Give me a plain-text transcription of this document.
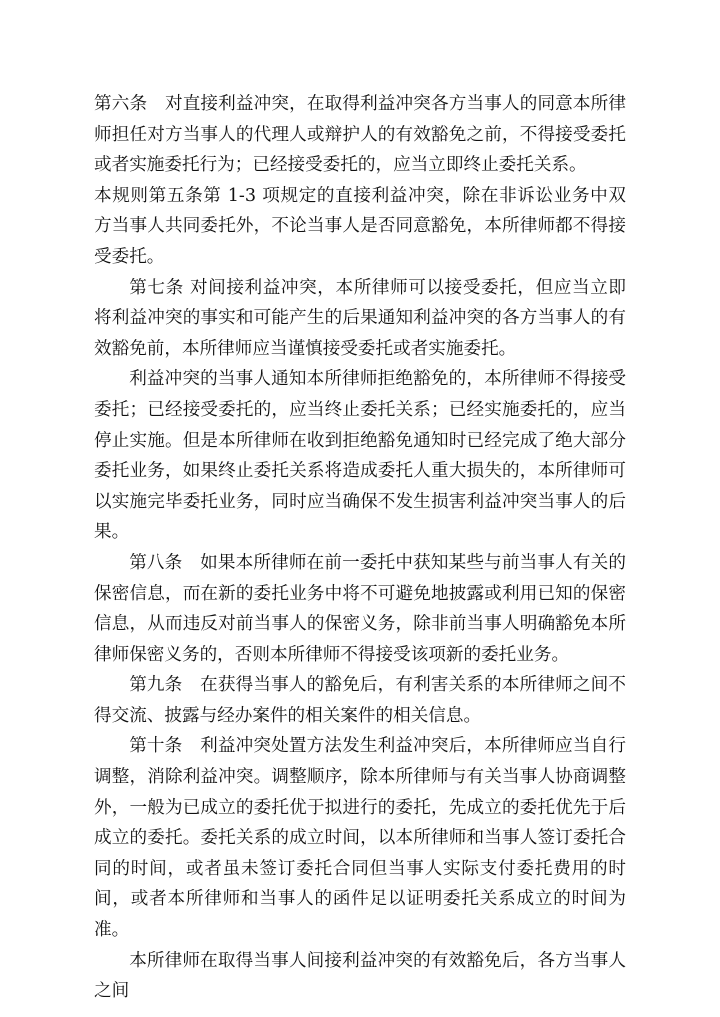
第六条　对直接利益冲突，在取得利益冲突各方当事人的同意本所律师担任对方当事人的代理人或辩护人的有效豁免之前，不得接受委托或者实施委托行为；已经接受委托的，应当立即终止委托关系。

本规则第五条第 1-3 项规定的直接利益冲突，除在非诉讼业务中双方当事人共同委托外，不论当事人是否同意豁免，本所律师都不得接受委托。

第七条 对间接利益冲突，本所律师可以接受委托，但应当立即将利益冲突的事实和可能产生的后果通知利益冲突的各方当事人的有效豁免前，本所律师应当谨慎接受委托或者实施委托。

利益冲突的当事人通知本所律师拒绝豁免的，本所律师不得接受委托；已经接受委托的，应当终止委托关系；已经实施委托的，应当停止实施。但是本所律师在收到拒绝豁免通知时已经完成了绝大部分委托业务，如果终止委托关系将造成委托人重大损失的，本所律师可以实施完毕委托业务，同时应当确保不发生损害利益冲突当事人的后果。

第八条　如果本所律师在前一委托中获知某些与前当事人有关的保密信息，而在新的委托业务中将不可避免地披露或利用已知的保密信息，从而违反对前当事人的保密义务，除非前当事人明确豁免本所律师保密义务的，否则本所律师不得接受该项新的委托业务。

第九条　在获得当事人的豁免后，有利害关系的本所律师之间不得交流、披露与经办案件的相关案件的相关信息。

第十条　利益冲突处置方法发生利益冲突后，本所律师应当自行调整，消除利益冲突。调整顺序，除本所律师与有关当事人协商调整外，一般为已成立的委托优于拟进行的委托，先成立的委托优先于后成立的委托。委托关系的成立时间，以本所律师和当事人签订委托合同的时间，或者虽未签订委托合同但当事人实际支付委托费用的时间，或者本所律师和当事人的函件足以证明委托关系成立的时间为准。

本所律师在取得当事人间接利益冲突的有效豁免后，各方当事人之间
